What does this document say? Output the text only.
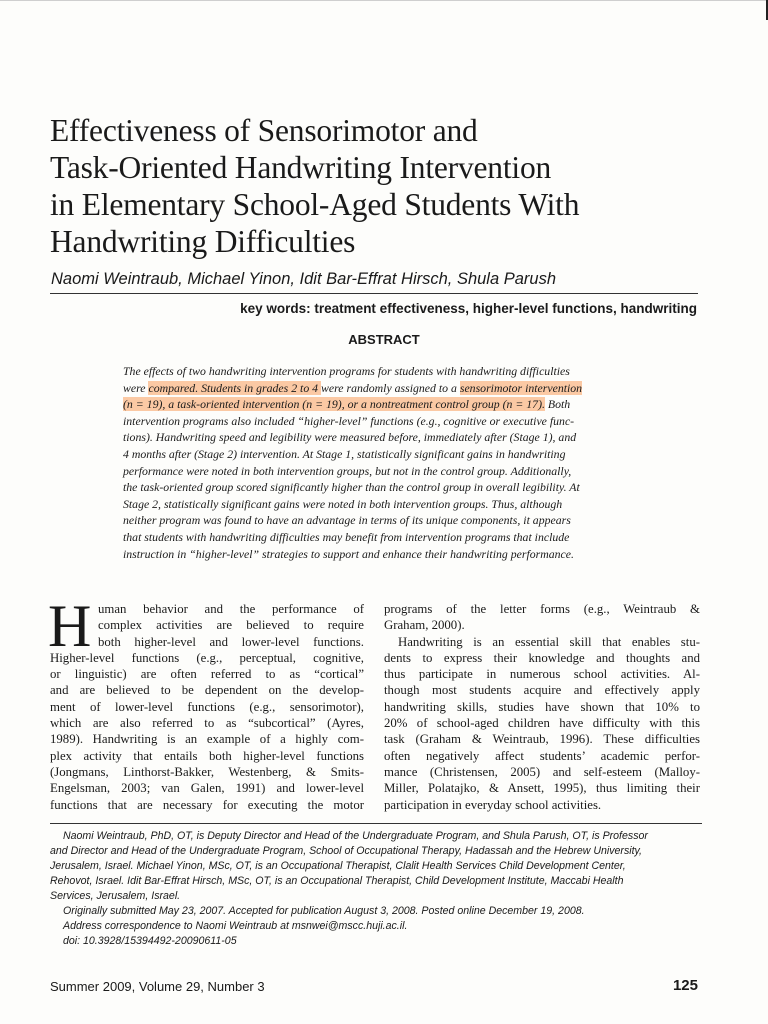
Effectiveness of Sensorimotor and
Task-Oriented Handwriting Intervention
in Elementary School-Aged Students With
Handwriting Difficulties
Naomi Weintraub, Michael Yinon, Idit Bar-Effrat Hirsch, Shula Parush
key words: treatment effectiveness, higher-level functions, handwriting
ABSTRACT
The effects of two handwriting intervention programs for students with handwriting difficulties
were compared. Students in grades 2 to 4 were randomly assigned to a sensorimotor intervention
(n = 19), a task-oriented intervention (n = 19), or a nontreatment control group (n = 17). Both
intervention programs also included “higher-level” functions (e.g., cognitive or executive func-
tions). Handwriting speed and legibility were measured before, immediately after (Stage 1), and
4 months after (Stage 2) intervention. At Stage 1, statistically significant gains in handwriting
performance were noted in both intervention groups, but not in the control group. Additionally,
the task-oriented group scored significantly higher than the control group in overall legibility. At
Stage 2, statistically significant gains were noted in both intervention groups. Thus, although
neither program was found to have an advantage in terms of its unique components, it appears
that students with handwriting difficulties may benefit from intervention programs that include
instruction in “higher-level” strategies to support and enhance their handwriting performance.
H uman behavior and the performance of
complex activities are believed to require
both higher-level and lower-level functions.
Higher-level functions (e.g., perceptual, cognitive,
or linguistic) are often referred to as “cortical”
and are believed to be dependent on the develop-
ment of lower-level functions (e.g., sensorimotor),
which are also referred to as “subcortical” (Ayres,
1989). Handwriting is an example of a highly com-
plex activity that entails both higher-level functions
(Jongmans, Linthorst-Bakker, Westenberg, & Smits-
Engelsman, 2003; van Galen, 1991) and lower-level
functions that are necessary for executing the motor
programs of the letter forms (e.g., Weintraub &
Graham, 2000).
Handwriting is an essential skill that enables stu-
dents to express their knowledge and thoughts and
thus participate in numerous school activities. Al-
though most students acquire and effectively apply
handwriting skills, studies have shown that 10% to
20% of school-aged children have difficulty with this
task (Graham & Weintraub, 1996). These difficulties
often negatively affect students’ academic perfor-
mance (Christensen, 2005) and self-esteem (Malloy-
Miller, Polatajko, & Ansett, 1995), thus limiting their
participation in everyday school activities.
Naomi Weintraub, PhD, OT, is Deputy Director and Head of the Undergraduate Program, and Shula Parush, OT, is Professor
and Director and Head of the Undergraduate Program, School of Occupational Therapy, Hadassah and the Hebrew University,
Jerusalem, Israel. Michael Yinon, MSc, OT, is an Occupational Therapist, Clalit Health Services Child Development Center,
Rehovot, Israel. Idit Bar-Effrat Hirsch, MSc, OT, is an Occupational Therapist, Child Development Institute, Maccabi Health
Services, Jerusalem, Israel.
Originally submitted May 23, 2007. Accepted for publication August 3, 2008. Posted online December 19, 2008.
Address correspondence to Naomi Weintraub at msnwei@mscc.huji.ac.il.
doi: 10.3928/15394492-20090611-05
Summer 2009, Volume 29, Number 3	125
